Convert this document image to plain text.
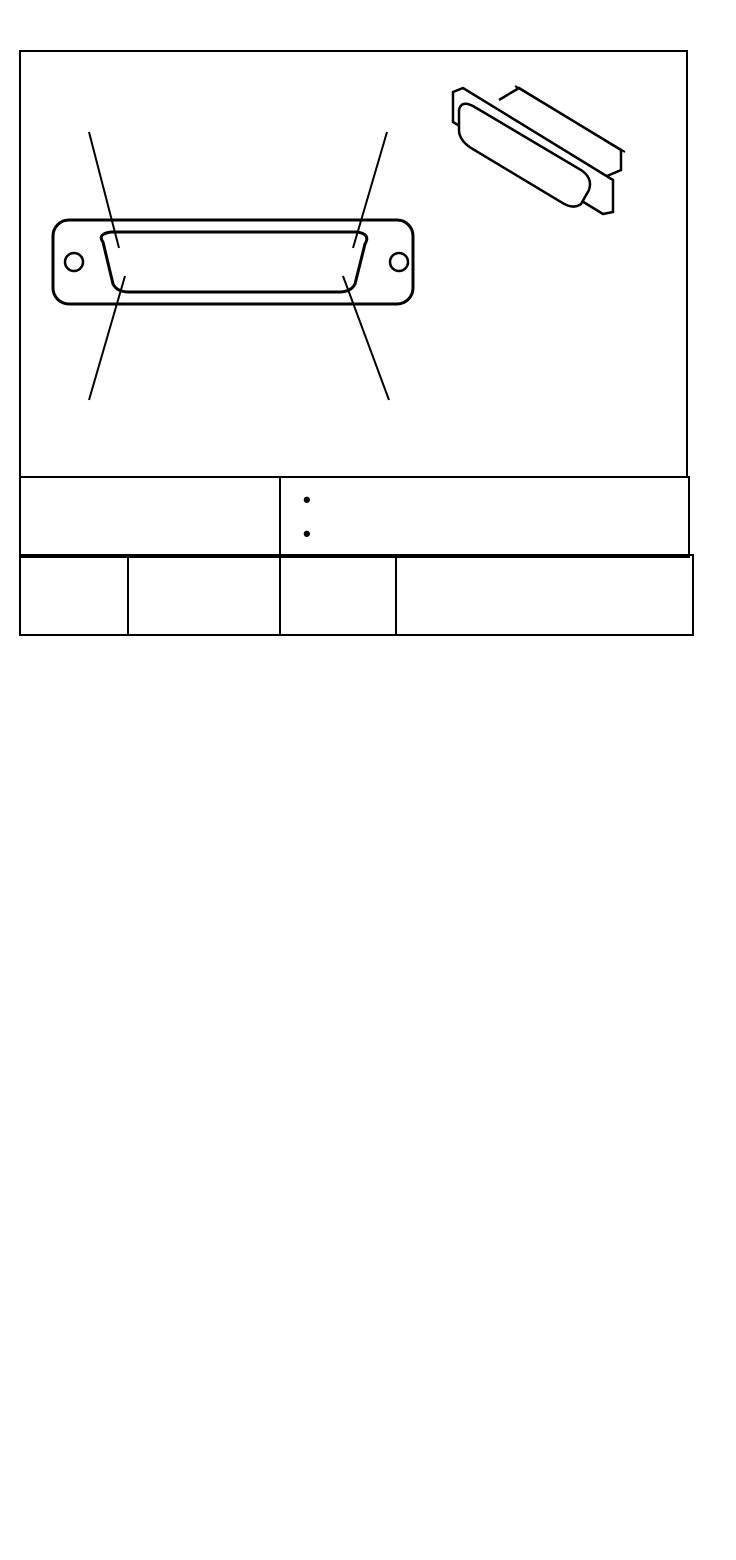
•
•
